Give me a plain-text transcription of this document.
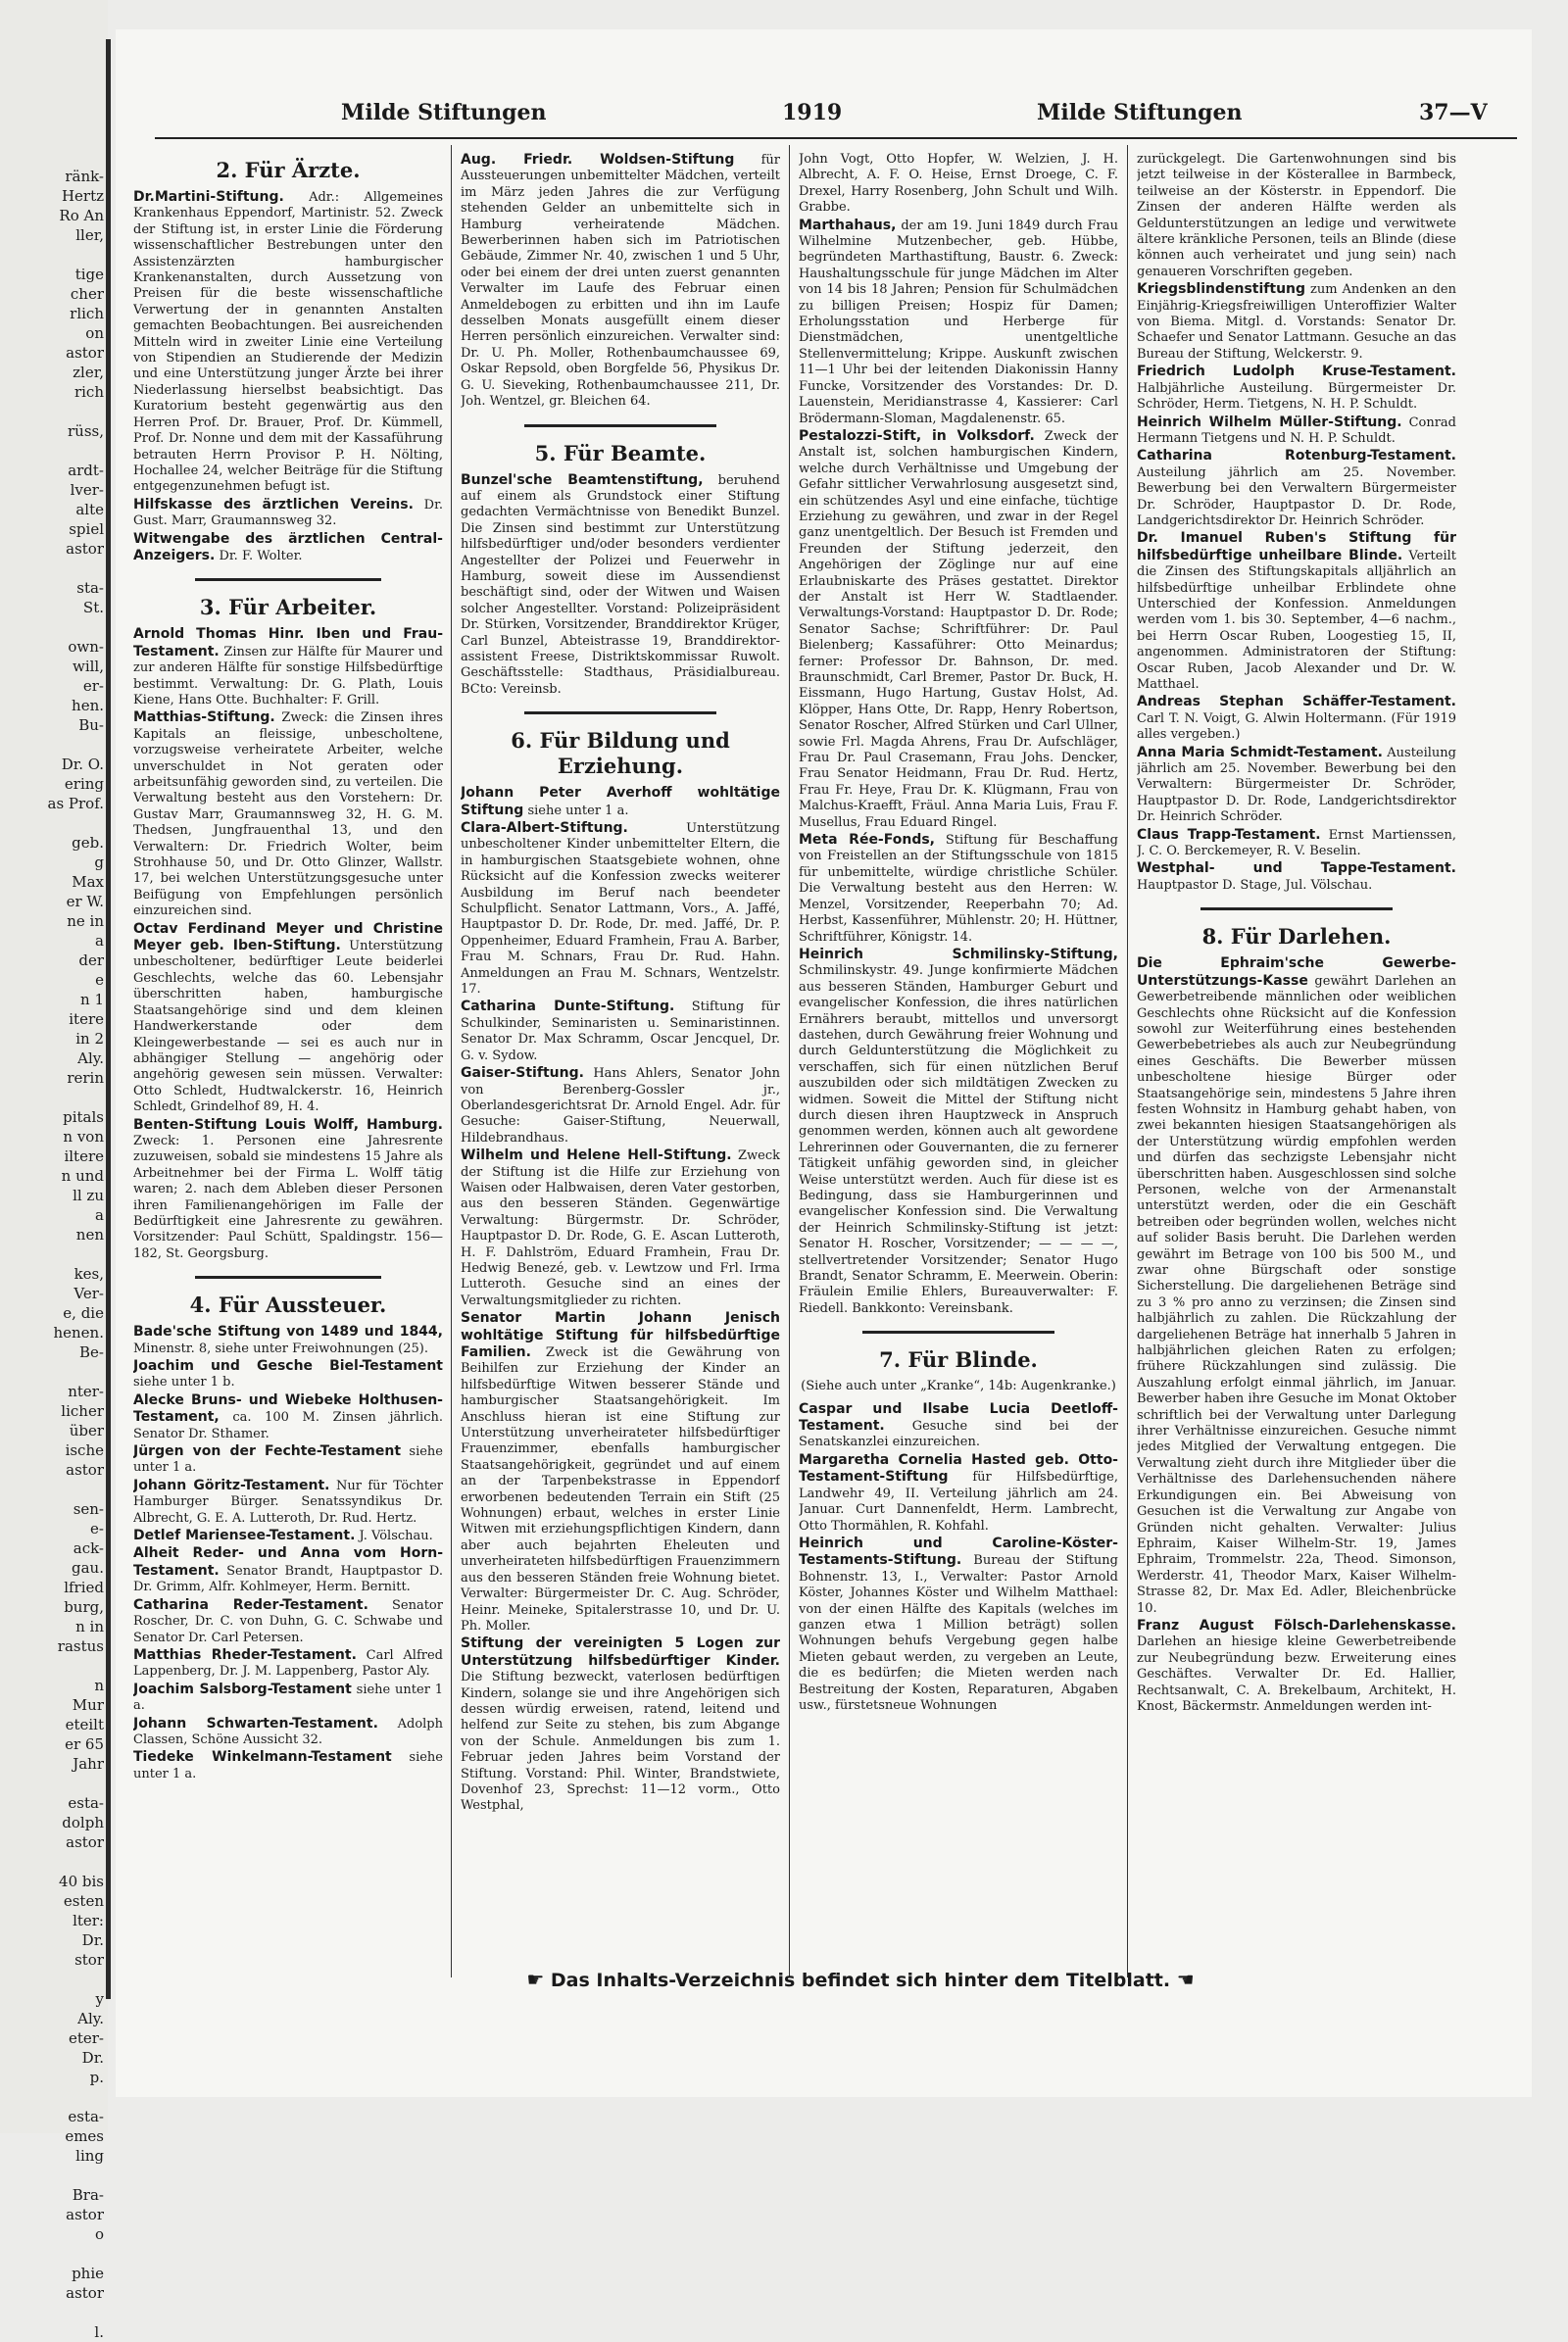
ränk-
Hertz
Ro An
ller,

tige
cher
rlich
on
astor
zler,
rich

rüss,

ardt-
lver-
alte
spiel
astor

sta-
St.

own-
will,
er-
hen.
Bu-

Dr. O.
ering
as Prof.

geb.
g
Max
er W.
ne in
a
der
e
n 1
itere
in 2
Aly.
rerin

pitals
n von
iltere
n und
ll zu
a
nen

kes,
Ver-
e, die
henen.
Be-

nter-
licher
über
ische
astor

sen-
e-
ack-
gau.
lfried
burg,
n in
rastus

n
Mur
eteilt
er 65
Jahr

esta-
dolph
astor

40 bis
esten
lter:
Dr.
stor

y
Aly.
eter-
Dr.
p.

esta-
emes
ling

Bra-
astor
o

phie
astor

l.
Milde Stiftungen	1919	Milde Stiftungen	37—V
2. Für Ärzte.
Dr.Martini-Stiftung. Adr.: Allgemeines Krankenhaus Eppendorf, Martinistr. 52. Zweck der Stiftung ist, in erster Linie die Förderung wissenschaftlicher Bestrebungen unter den Assistenzärzten hamburgischer Krankenanstalten, durch Aussetzung von Preisen für die beste wissenschaftliche Verwertung der in genannten Anstalten gemachten Beobachtungen. Bei ausreichenden Mitteln wird in zweiter Linie eine Verteilung von Stipendien an Studierende der Medizin und eine Unterstützung junger Ärzte bei ihrer Niederlassung hierselbst beabsichtigt. Das Kuratorium besteht gegenwärtig aus den Herren Prof. Dr. Brauer, Prof. Dr. Kümmell, Prof. Dr. Nonne und dem mit der Kassaführung betrauten Herrn Provisor P. H. Nölting, Hochallee 24, welcher Beiträge für die Stiftung entgegenzunehmen befugt ist.
Hilfskasse des ärztlichen Vereins. Dr. Gust. Marr, Graumannsweg 32.
Witwengabe des ärztlichen Central-Anzeigers. Dr. F. Wolter.
3. Für Arbeiter.
Arnold Thomas Hinr. Iben und Frau-Testament. Zinsen zur Hälfte für Maurer und zur anderen Hälfte für sonstige Hilfsbedürftige bestimmt. Verwaltung: Dr. G. Plath, Louis Kiene, Hans Otte. Buchhalter: F. Grill.
Matthias-Stiftung. Zweck: die Zinsen ihres Kapitals an fleissige, unbescholtene, vorzugsweise verheiratete Arbeiter, welche unverschuldet in Not geraten oder arbeitsunfähig geworden sind, zu verteilen. Die Verwaltung besteht aus den Vorstehern: Dr. Gustav Marr, Graumannsweg 32, H. G. M. Thedsen, Jungfrauenthal 13, und den Verwaltern: Dr. Friedrich Wolter, beim Strohhause 50, und Dr. Otto Glinzer, Wallstr. 17, bei welchen Unterstützungsgesuche unter Beifügung von Empfehlungen persönlich einzureichen sind.
Octav Ferdinand Meyer und Christine Meyer geb. Iben-Stiftung. Unterstützung unbescholtener, bedürftiger Leute beiderlei Geschlechts, welche das 60. Lebensjahr überschritten haben, hamburgische Staatsangehörige sind und dem kleinen Handwerkerstande oder dem Kleingewerbestande — sei es auch nur in abhängiger Stellung — angehörig oder angehörig gewesen sein müssen. Verwalter: Otto Schledt, Hudtwalckerstr. 16, Heinrich Schledt, Grindelhof 89, H. 4.
Benten-Stiftung Louis Wolff, Hamburg. Zweck: 1. Personen eine Jahresrente zuzuweisen, sobald sie mindestens 15 Jahre als Arbeitnehmer bei der Firma L. Wolff tätig waren; 2. nach dem Ableben dieser Personen ihren Familienangehörigen im Falle der Bedürftigkeit eine Jahresrente zu gewähren. Vorsitzender: Paul Schütt, Spaldingstr. 156—182, St. Georgsburg.
4. Für Aussteuer.
Bade'sche Stiftung von 1489 und 1844, Minenstr. 8, siehe unter Freiwohnungen (25).
Joachim und Gesche Biel-Testament siehe unter 1 b.
Alecke Bruns- und Wiebeke Holthusen-Testament, ca. 100 M. Zinsen jährlich. Senator Dr. Sthamer.
Jürgen von der Fechte-Testament siehe unter 1 a.
Johann Göritz-Testament. Nur für Töchter Hamburger Bürger. Senatssyndikus Dr. Albrecht, G. E. A. Lutteroth, Dr. Rud. Hertz.
Detlef Mariensee-Testament. J. Völschau.
Alheit Reder- und Anna vom Horn-Testament. Senator Brandt, Hauptpastor D. Dr. Grimm, Alfr. Kohlmeyer, Herm. Bernitt.
Catharina Reder-Testament. Senator Roscher, Dr. C. von Duhn, G. C. Schwabe und Senator Dr. Carl Petersen.
Matthias Rheder-Testament. Carl Alfred Lappenberg, Dr. J. M. Lappenberg, Pastor Aly.
Joachim Salsborg-Testament siehe unter 1 a.
Johann Schwarten-Testament. Adolph Classen, Schöne Aussicht 32.
Tiedeke Winkelmann-Testament siehe unter 1 a.
Aug. Friedr. Woldsen-Stiftung für Aussteuerungen unbemittelter Mädchen, verteilt im März jeden Jahres die zur Verfügung stehenden Gelder an unbemittelte sich in Hamburg verheiratende Mädchen. Bewerberinnen haben sich im Patriotischen Gebäude, Zimmer Nr. 40, zwischen 1 und 5 Uhr, oder bei einem der drei unten zuerst genannten Verwalter im Laufe des Februar einen Anmeldebogen zu erbitten und ihn im Laufe desselben Monats ausgefüllt einem dieser Herren persönlich einzureichen. Verwalter sind: Dr. U. Ph. Moller, Rothenbaumchaussee 69, Oskar Repsold, oben Borgfelde 56, Physikus Dr. G. U. Sieveking, Rothenbaumchaussee 211, Dr. Joh. Wentzel, gr. Bleichen 64.
5. Für Beamte.
Bunzel'sche Beamtenstiftung, beruhend auf einem als Grundstock einer Stiftung gedachten Vermächtnisse von Benedikt Bunzel. Die Zinsen sind bestimmt zur Unterstützung hilfsbedürftiger und/oder besonders verdienter Angestellter der Polizei und Feuerwehr in Hamburg, soweit diese im Aussendienst beschäftigt sind, oder der Witwen und Waisen solcher Angestellter. Vorstand: Polizeipräsident Dr. Stürken, Vorsitzender, Branddirektor Krüger, Carl Bunzel, Abteistrasse 19, Branddirektor-assistent Freese, Distriktskommissar Ruwolt. Geschäftsstelle: Stadthaus, Präsidialbureau. BCto: Vereinsb.
6. Für Bildung und Erziehung.
Johann Peter Averhoff wohltätige Stiftung siehe unter 1 a.
Clara-Albert-Stiftung.	Unterstützung unbescholtener Kinder unbemittelter Eltern, die in hamburgischen Staatsgebiete wohnen, ohne Rücksicht auf die Konfession zwecks weiterer Ausbildung im Beruf nach beendeter Schulpflicht. Senator Lattmann, Vors., A. Jaffé, Hauptpastor D. Dr. Rode, Dr. med. Jaffé, Dr. P. Oppenheimer, Eduard Framhein, Frau A. Barber, Frau M. Schnars, Frau Dr. Rud. Hahn. Anmeldungen an Frau M. Schnars, Wentzelstr. 17.
Catharina Dunte-Stiftung. Stiftung für Schulkinder, Seminaristen u. Seminaristinnen. Senator Dr. Max Schramm, Oscar Jencquel, Dr. G. v. Sydow.
Gaiser-Stiftung. Hans Ahlers, Senator John von Berenberg-Gossler jr., Oberlandesgerichtsrat Dr. Arnold Engel. Adr. für Gesuche: Gaiser-Stiftung, Neuerwall, Hildebrandhaus.
Wilhelm und Helene Hell-Stiftung. Zweck der Stiftung ist die Hilfe zur Erziehung von Waisen oder Halbwaisen, deren Vater gestorben, aus den besseren Ständen. Gegenwärtige Verwaltung: Bürgermstr. Dr. Schröder, Hauptpastor D. Dr. Rode, G. E. Ascan Lutteroth, H. F. Dahlström, Eduard Framhein, Frau Dr. Hedwig Benezé, geb. v. Lewtzow und Frl. Irma Lutteroth. Gesuche sind an eines der Verwaltungsmitglieder zu richten.
Senator Martin Johann Jenisch wohltätige Stiftung für hilfsbedürftige Familien. Zweck ist die Gewährung von Beihilfen zur Erziehung der Kinder an hilfsbedürftige Witwen besserer Stände und hamburgischer Staatsangehörigkeit. Im Anschluss hieran ist eine Stiftung zur Unterstützung unverheirateter hilfsbedürftiger Frauenzimmer, ebenfalls hamburgischer Staatsangehörigkeit, gegründet und auf einem an der Tarpenbekstrasse in Eppendorf erworbenen bedeutenden Terrain ein Stift (25 Wohnungen) erbaut, welches in erster Linie Witwen mit erziehungspflichtigen Kindern, dann aber auch bejahrten Eheleuten und unverheirateten hilfsbedürftigen Frauenzimmern aus den besseren Ständen freie Wohnung bietet. Verwalter: Bürgermeister Dr. C. Aug. Schröder, Heinr. Meineke, Spitalerstrasse 10, und Dr. U. Ph. Moller.
Stiftung der vereinigten 5 Logen zur Unterstützung hilfsbedürftiger Kinder. Die Stiftung bezweckt, vaterlosen bedürftigen Kindern, solange sie und ihre Angehörigen sich dessen würdig erweisen, ratend, leitend und helfend zur Seite zu stehen, bis zum Abgange von der Schule. Anmeldungen bis zum 1. Februar jeden Jahres beim Vorstand der Stiftung. Vorstand: Phil. Winter, Brandstwiete, Dovenhof 23, Sprechst: 11—12 vorm., Otto Westphal,
John Vogt, Otto Hopfer, W. Welzien, J. H. Albrecht, A. F. O. Heise, Ernst Droege, C. F. Drexel, Harry Rosenberg, John Schult und Wilh. Grabbe.
Marthahaus, der am 19. Juni 1849 durch Frau Wilhelmine Mutzenbecher, geb. Hübbe, begründeten Marthastiftung, Baustr. 6. Zweck: Haushaltungsschule für junge Mädchen im Alter von 14 bis 18 Jahren; Pension für Schulmädchen zu billigen Preisen; Hospiz für Damen; Erholungsstation und Herberge für Dienstmädchen, unentgeltliche Stellenvermittelung; Krippe. Auskunft zwischen 11—1 Uhr bei der leitenden Diakonissin Hanny Funcke, Vorsitzender des Vorstandes: Dr. D. Lauenstein, Meridianstrasse 4, Kassierer: Carl Brödermann-Sloman, Magdalenenstr. 65.
Pestalozzi-Stift, in Volksdorf. Zweck der Anstalt ist, solchen hamburgischen Kindern, welche durch Verhältnisse und Umgebung der Gefahr sittlicher Verwahrlosung ausgesetzt sind, ein schützendes Asyl und eine einfache, tüchtige Erziehung zu gewähren, und zwar in der Regel ganz unentgeltlich. Der Besuch ist Fremden und Freunden der Stiftung jederzeit, den Angehörigen der Zöglinge nur auf eine Erlaubniskarte des Präses gestattet. Direktor der Anstalt ist Herr W. Stadtlaender. Verwaltungs-Vorstand: Hauptpastor D. Dr. Rode; Senator Sachse; Schriftführer: Dr. Paul Bielenberg; Kassaführer: Otto Meinardus; ferner: Professor Dr. Bahnson, Dr. med. Braunschmidt, Carl Bremer, Pastor Dr. Buck, H. Eissmann, Hugo Hartung, Gustav Holst, Ad. Klöpper, Hans Otte, Dr. Rapp, Henry Robertson, Senator Roscher, Alfred Stürken und Carl Ullner, sowie Frl. Magda Ahrens, Frau Dr. Aufschläger, Frau Dr. Paul Crasemann, Frau Johs. Dencker, Frau Senator Heidmann, Frau Dr. Rud. Hertz, Frau Fr. Heye, Frau Dr. K. Klügmann, Frau von Malchus-Kraefft, Fräul. Anna Maria Luis, Frau F. Musellus, Frau Eduard Ringel.
Meta Rée-Fonds, Stiftung für Beschaffung von Freistellen an der Stiftungsschule von 1815 für unbemittelte, würdige christliche Schüler. Die Verwaltung besteht aus den Herren: W. Menzel, Vorsitzender, Reeperbahn 70; Ad. Herbst, Kassenführer, Mühlenstr. 20; H. Hüttner, Schriftführer, Königstr. 14.
Heinrich Schmilinsky-Stiftung, Schmilinskystr. 49. Junge konfirmierte Mädchen aus besseren Ständen, Hamburger Geburt und evangelischer Konfession, die ihres natürlichen Ernährers beraubt, mittellos und unversorgt dastehen, durch Gewährung freier Wohnung und durch Geldunterstützung die Möglichkeit zu verschaffen, sich für einen nützlichen Beruf auszubilden oder sich mildtätigen Zwecken zu widmen. Soweit die Mittel der Stiftung nicht durch diesen ihren Hauptzweck in Anspruch genommen werden, können auch alt gewordene Lehrerinnen oder Gouvernanten, die zu fernerer Tätigkeit unfähig geworden sind, in gleicher Weise unterstützt werden. Auch für diese ist es Bedingung, dass sie Hamburgerinnen und evangelischer Konfession sind. Die Verwaltung der Heinrich Schmilinsky-Stiftung ist jetzt: Senator H. Roscher, Vorsitzender; — — — —, stellvertretender Vorsitzender; Senator Hugo Brandt, Senator Schramm, E. Meerwein. Oberin: Fräulein Emilie Ehlers, Bureauverwalter: F. Riedell. Bankkonto: Vereinsbank.
7. Für Blinde.
(Siehe auch unter „Kranke“, 14b: Augenkranke.)
Caspar und Ilsabe Lucia Deetloff-Testament. Gesuche sind bei der Senatskanzlei einzureichen.
Margaretha Cornelia Hasted geb. Otto-Testament-Stiftung für Hilfsbedürftige, Landwehr 49, II. Verteilung jährlich am 24. Januar. Curt Dannenfeldt, Herm. Lambrecht, Otto Thormählen, R. Kohfahl.
Heinrich und Caroline-Köster-Testaments-Stiftung. Bureau der Stiftung Bohnenstr. 13, I., Verwalter: Pastor Arnold Köster, Johannes Köster und Wilhelm Matthael: von der einen Hälfte des Kapitals (welches im ganzen etwa 1 Million beträgt) sollen Wohnungen behufs Vergebung gegen halbe Mieten gebaut werden, zu vergeben an Leute, die es bedürfen; die Mieten werden nach Bestreitung der Kosten, Reparaturen, Abgaben usw., fürstetsneue Wohnungen
zurückgelegt. Die Gartenwohnungen sind bis jetzt teilweise in der Kösterallee in Barmbeck, teilweise an der Kösterstr. in Eppendorf. Die Zinsen der anderen Hälfte werden als Geldunterstützungen an ledige und verwitwete ältere kränkliche Personen, teils an Blinde (diese können auch verheiratet und jung sein) nach genaueren Vorschriften gegeben.
Kriegsblindenstiftung zum Andenken an den Einjährig-Kriegsfreiwilligen Unteroffizier Walter von Biema. Mitgl. d. Vorstands: Senator Dr. Schaefer und Senator Lattmann. Gesuche an das Bureau der Stiftung, Welckerstr. 9.
Friedrich Ludolph Kruse-Testament. Halbjährliche Austeilung. Bürgermeister Dr. Schröder, Herm. Tietgens, N. H. P. Schuldt.
Heinrich Wilhelm Müller-Stiftung. Conrad Hermann Tietgens und N. H. P. Schuldt.
Catharina Rotenburg-Testament. Austeilung jährlich am 25. November. Bewerbung bei den Verwaltern Bürgermeister Dr. Schröder, Hauptpastor D. Dr. Rode, Landgerichtsdirektor Dr. Heinrich Schröder.
Dr. Imanuel Ruben's Stiftung für hilfsbedürftige unheilbare Blinde. Verteilt die Zinsen des Stiftungskapitals alljährlich an hilfsbedürftige unheilbar Erblindete ohne Unterschied der Konfession. Anmeldungen werden vom 1. bis 30. September, 4—6 nachm., bei Herrn Oscar Ruben, Loogestieg 15, II, angenommen. Administratoren der Stiftung: Oscar Ruben, Jacob Alexander und Dr. W. Matthael.
Andreas Stephan Schäffer-Testament. Carl T. N. Voigt, G. Alwin Holtermann. (Für 1919 alles vergeben.)
Anna Maria Schmidt-Testament. Austeilung jährlich am 25. November. Bewerbung bei den Verwaltern: Bürgermeister Dr. Schröder, Hauptpastor D. Dr. Rode, Landgerichtsdirektor Dr. Heinrich Schröder.
Claus Trapp-Testament. Ernst Martienssen, J. C. O. Berckemeyer, R. V. Beselin.
Westphal- und Tappe-Testament. Hauptpastor D. Stage, Jul. Völschau.
8. Für Darlehen.
Die Ephraim'sche Gewerbe-Unterstützungs-Kasse gewährt Darlehen an Gewerbetreibende männlichen oder weiblichen Geschlechts ohne Rücksicht auf die Konfession sowohl zur Weiterführung eines bestehenden Gewerbebetriebes als auch zur Neubegründung eines Geschäfts. Die Bewerber müssen unbescholtene hiesige Bürger oder Staatsangehörige sein, mindestens 5 Jahre ihren festen Wohnsitz in Hamburg gehabt haben, von zwei bekannten hiesigen Staatsangehörigen als der Unterstützung würdig empfohlen werden und dürfen das sechzigste Lebensjahr nicht überschritten haben. Ausgeschlossen sind solche Personen, welche von der Armenanstalt unterstützt werden, oder die ein Geschäft betreiben oder begründen wollen, welches nicht auf solider Basis beruht. Die Darlehen werden gewährt im Betrage von 100 bis 500 M., und zwar ohne Bürgschaft oder sonstige Sicherstellung. Die dargeliehenen Beträge sind zu 3 % pro anno zu verzinsen; die Zinsen sind halbjährlich zu zahlen. Die Rückzahlung der dargeliehenen Beträge hat innerhalb 5 Jahren in halbjährlichen gleichen Raten zu erfolgen; frühere Rückzahlungen sind zulässig. Die Auszahlung erfolgt einmal jährlich, im Januar. Bewerber haben ihre Gesuche im Monat Oktober schriftlich bei der Verwaltung unter Darlegung ihrer Verhältnisse einzureichen. Gesuche nimmt jedes Mitglied der Verwaltung entgegen. Die Verwaltung zieht durch ihre Mitglieder über die Verhältnisse des Darlehensuchenden nähere Erkundigungen ein. Bei Abweisung von Gesuchen ist die Verwaltung zur Angabe von Gründen nicht gehalten. Verwalter: Julius Ephraim, Kaiser Wilhelm-Str. 19, James Ephraim, Trommelstr. 22a, Theod. Simonson, Werderstr. 41, Theodor Marx, Kaiser Wilhelm-Strasse 82, Dr. Max Ed. Adler, Bleichenbrücke 10.
Franz August Fölsch-Darlehenskasse. Darlehen an hiesige kleine Gewerbetreibende zur Neubegründung bezw. Erweiterung eines Geschäftes. Verwalter Dr. Ed. Hallier, Rechtsanwalt, C. A. Brekelbaum, Architekt, H. Knost, Bäckermstr. Anmeldungen werden int-
☛ Das Inhalts-Verzeichnis befindet sich hinter dem Titelblatt. ☚
